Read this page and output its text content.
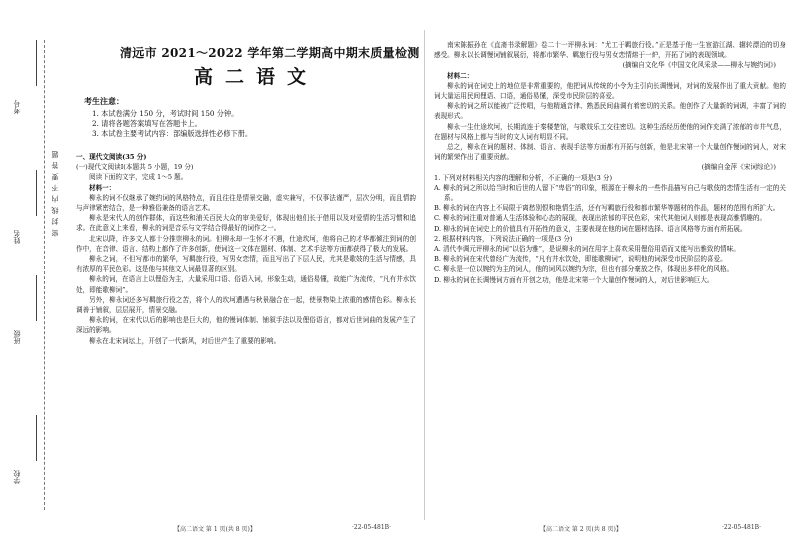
学校
班级
姓名
考号
密 封 线 内 不 要 答 题
清远市 2021～2022 学年第二学期高中期末质量检测
高二语文
考生注意：
1. 本试卷满分 150 分，考试时间 150 分钟。
2. 请将各题答案填写在答题卡上。
3. 本试卷主要考试内容：部编版选择性必修下册。

一、现代文阅读(35 分)

(一)现代文阅读Ⅰ(本题共 5 小题，19 分)

阅读下面的文字，完成 1～5 题。

材料一：

柳永的词不仅继承了婉约词的风格特点，而且往往是情景交融，虚实兼写，不仅事法谨严，层次分明，而且情韵与声律紧密结合，是一种雅俗兼备的语言艺术。

柳永是宋代人的创作群体，而这些和浦关百民大众的审美爱好，体现出他们长于借用以及对爱情的生活习惯和追求。在此意义上来看，柳永的词是音乐与文学结合得最好的词作之一。

北宋以降，许多文人都十分推崇柳永的词。但柳永却一生怀才不遇，仕途坎坷，他将自己的才华都倾注到词的创作中，在音律、语言、结构上都作了许多创新，使词这一文体在题材、体制、艺术手法等方面都获得了极大的发展。

柳永之词，不但写都市的繁华，写羁旅行役，写男女恋情，而且写出了下层人民，尤其是歌妓的生活与情感，具有浓厚的平民色彩。这是他与其他文人词最显著的区别。

柳永的词，在语言上以俚俗为主，大量采用口语、俗语入词，形象生动，通俗易懂，故能广为流传，“凡有井水饮处，即能歌柳词”。

另外，柳永词还多写羁旅行役之苦，将个人的坎坷遭遇与秋景融合在一起，使景物染上浓重的感情色彩。柳永长调善于铺叙，层层展开，情景交融。

柳永的词，在宋代以后的影响也是巨大的，他的慢词体制、铺叙手法以及俚俗语言，都对后世词曲的发展产生了深远的影响。

柳永在北宋词坛上，开创了一代新风，对后世产生了重要的影响。

【高二语文 第 1 页(共 8 页)】	·22-05-481B·

南宋陈振孙在《直斋书录解题》卷二十一评柳永词：“尤工于羁旅行役。”正是基于他一生宦游江湖、辗转漂泊的切身感受。柳永以长调慢词铺叙展衍，将都市繁华、羁旅行役与男女恋情熔于一炉，开拓了词的表现领域。

(摘编自文化华《中国文化风采录——柳永与婉约词》)

材料二：

柳永的词在词史上的地位是非常重要的，他把词从传统的小令为主引向长调慢词，对词的发展作出了重大贡献。他的词大量运用民间俚语、口语，通俗易懂，深受市民阶层的喜爱。

柳永的词之所以能被广泛传唱，与他精通音律、熟悉民间曲调有着密切的关系。他创作了大量新的词调，丰富了词的表现形式。

柳永一生仕途坎坷，长期流连于秦楼楚馆，与歌妓乐工交往密切。这种生活经历使他的词作充满了浓郁的市井气息，在题材与风格上都与当时的文人词有明显不同。

总之，柳永在词的题材、体制、语言、表现手法等方面都有开拓与创新，他是北宋第一个大量创作慢词的词人，对宋词的繁荣作出了重要贡献。

(摘编自金萍《宋词综论》)

1. 下列对材料相关内容的理解和分析，不正确的一项是(3 分)

A. 柳永的词之所以给当时和后世的人留下“卑俗”的印象，根源在于柳永的一些作品描写自己与歌伎的恋情生活有一定的关系。

B. 柳永的词在内容上不局限于离愁别恨和艳情生活，还有写羁旅行役和都市繁华等题材的作品，题材的范围有所扩大。

C. 柳永的词注重对普通人生活体验和心态的展现，表现出浓郁的平民色彩，宋代其他词人则都是表现高雅情趣的。

D. 柳永的词在词史上的价值具有开拓性的意义，主要表现在他的词在题材选择、语言风格等方面有所拓展。

2. 根据材料内容，下列说法正确的一项是(3 分)

A. 清代李调元评柳永的词“以俗为雅”，是说柳永的词在用字上喜欢采用俚俗用语而又能写出雅致的情味。

B. 柳永的词在宋代曾经广为流传，“凡有井水饮处，即能歌柳词”，说明他的词深受市民阶层的喜爱。

C. 柳永是一位以婉约为主的词人，他的词风以婉约为宗，但也有部分豪放之作，体现出多样化的风格。

D. 柳永的词在长调慢词方面有开创之功，他是北宋第一个大量创作慢词的人，对后世影响巨大。

【高二语文 第 2 页(共 8 页)】	·22-05-481B·
